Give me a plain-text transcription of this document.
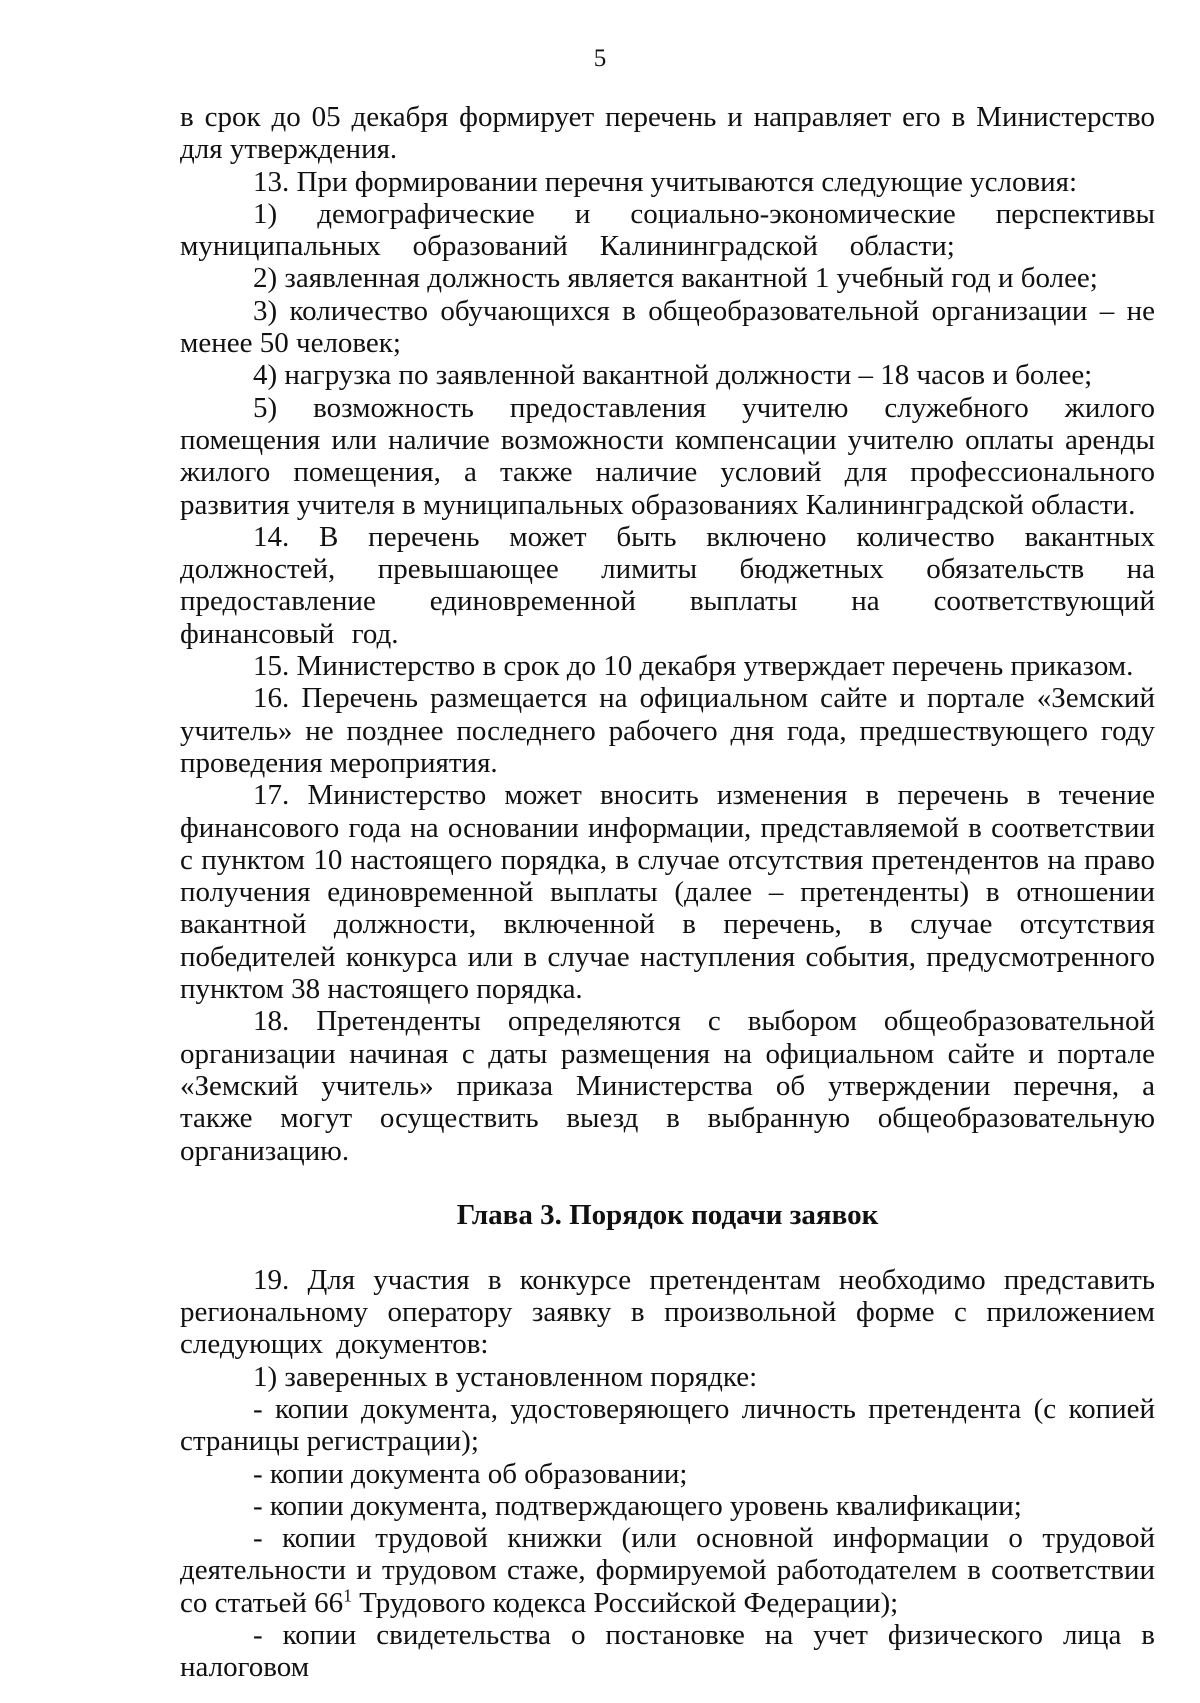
5

в срок до 05 декабря формирует перечень и направляет его в Министерство для утверждения.

13. При формировании перечня учитываются следующие условия:

1) демографические и социально-экономические перспективы муниципальных образований Калининградской области;

2) заявленная должность является вакантной 1 учебный год и более;

3) количество обучающихся в общеобразовательной организации – не менее 50 человек;

4) нагрузка по заявленной вакантной должности – 18 часов и более;

5) возможность предоставления учителю служебного жилого помещения или наличие возможности компенсации учителю оплаты аренды жилого помещения, а также наличие условий для профессионального развития учителя в муниципальных образованиях Калининградской области.

14. В перечень может быть включено количество вакантных должностей, превышающее лимиты бюджетных обязательств на предоставление единовременной выплаты на соответствующий финансовый год.

15. Министерство в срок до 10 декабря утверждает перечень приказом.

16. Перечень размещается на официальном сайте и портале «Земский учитель» не позднее последнего рабочего дня года, предшествующего году проведения мероприятия.

17. Министерство может вносить изменения в перечень в течение финансового года на основании информации, представляемой в соответствии с пунктом 10 настоящего порядка, в случае отсутствия претендентов на право получения единовременной выплаты (далее – претенденты) в отношении вакантной должности, включенной в перечень, в случае отсутствия победителей конкурса или в случае наступления события, предусмотренного пунктом 38 настоящего порядка.

18. Претенденты определяются с выбором общеобразовательной организации начиная с даты размещения на официальном сайте и портале «Земский учитель» приказа Министерства об утверждении перечня, а также могут осуществить выезд в выбранную общеобразовательную организацию.

Глава 3. Порядок подачи заявок

19. Для участия в конкурсе претендентам необходимо представить региональному оператору заявку в произвольной форме с приложением следующих документов:

1) заверенных в установленном порядке:

- копии документа, удостоверяющего личность претендента (с копией страницы регистрации);

- копии документа об образовании;

- копии документа, подтверждающего уровень квалификации;

- копии трудовой книжки (или основной информации о трудовой деятельности и трудовом стаже, формируемой работодателем в соответствии со статьей $66^1$ Трудового кодекса Российской Федерации);

- копии свидетельства о постановке на учет физического лица в налоговом
